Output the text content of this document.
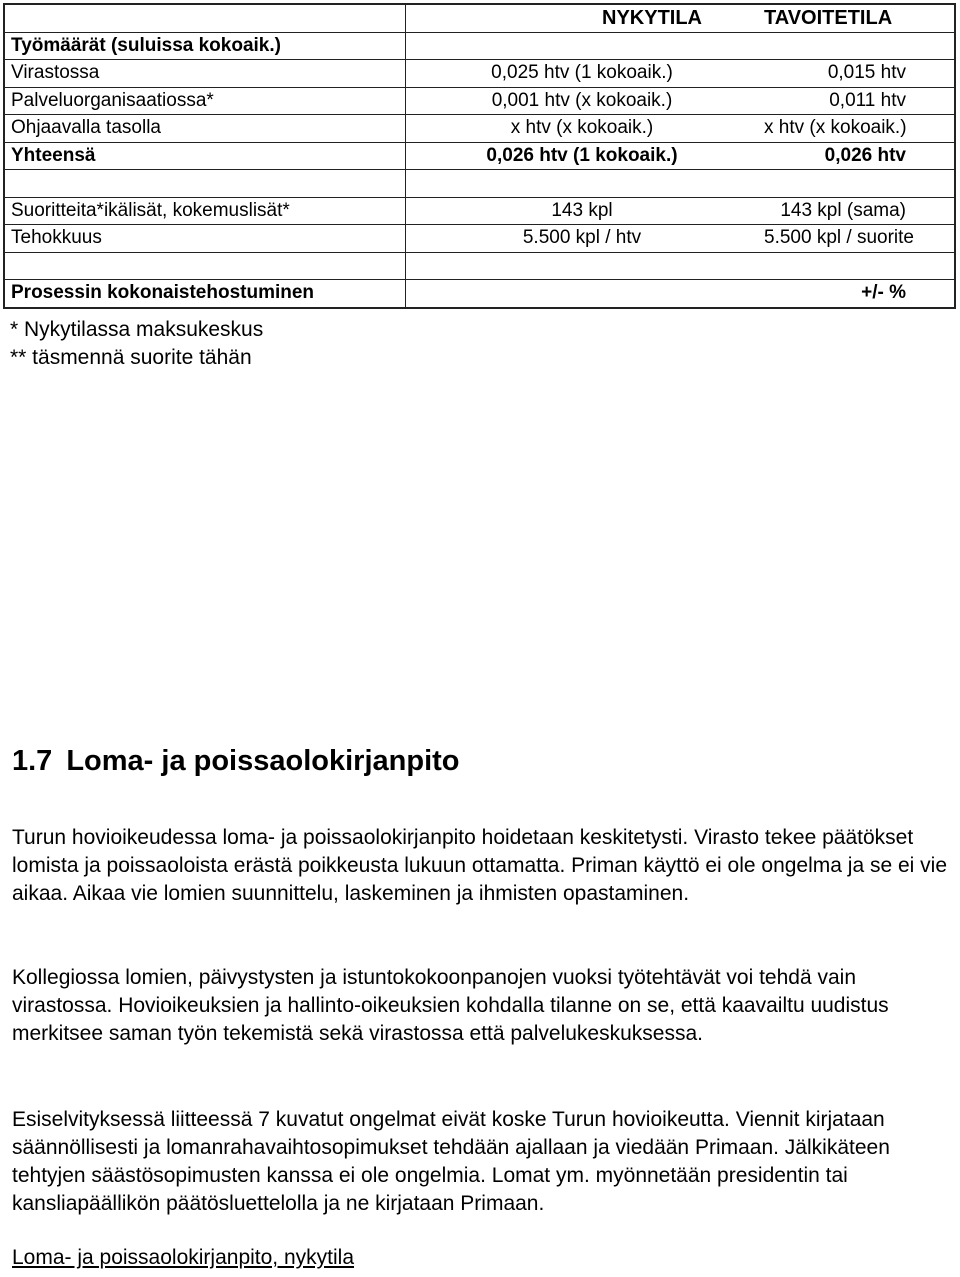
	NYKYTILA	TAVOITETILA
Työmäärät (suluissa kokoaik.)		
Virastossa	0,025 htv (1 kokoaik.)	0,015 htv
Palveluorganisaatiossa*	0,001 htv (x kokoaik.)	0,011 htv
Ohjaavalla tasolla	x htv (x kokoaik.)	x htv (x kokoaik.)
Yhteensä	0,026 htv (1 kokoaik.)	0,026 htv

Suoritteita*ikälisät, kokemuslisät*	143 kpl	143 kpl (sama)
Tehokkuus	5.500 kpl / htv	5.500 kpl / suorite

Prosessin kokonaistehostuminen		+/- %
* Nykytilassa maksukeskus
** täsmennä suorite tähän
1.7 Loma- ja poissaolokirjanpito

Turun hovioikeudessa loma- ja poissaolokirjanpito hoidetaan keskitetysti. Virasto tekee päätökset lomista ja poissaoloista erästä poikkeusta lukuun ottamatta. Priman käyttö ei ole ongelma ja se ei vie aikaa. Aikaa vie lomien suunnittelu, laskeminen ja ihmisten opastaminen.

Kollegiossa lomien, päivystysten ja istuntokokoonpanojen vuoksi työtehtävät voi tehdä vain virastossa. Hovioikeuksien ja hallinto-oikeuksien kohdalla tilanne on se, että kaavailtu uudistus merkitsee saman työn tekemistä sekä virastossa että palvelukeskuksessa.

Esiselvityksessä liitteessä 7 kuvatut ongelmat eivät koske Turun hovioikeutta. Viennit kirjataan säännöllisesti ja lomanrahavaihtosopimukset tehdään ajallaan ja viedään Primaan. Jälkikäteen tehtyjen säästösopimusten kanssa ei ole ongelmia. Lomat ym. myönnetään presidentin tai kansliapäällikön päätösluettelolla ja ne kirjataan Primaan.

Loma- ja poissaolokirjanpito, nykytila
